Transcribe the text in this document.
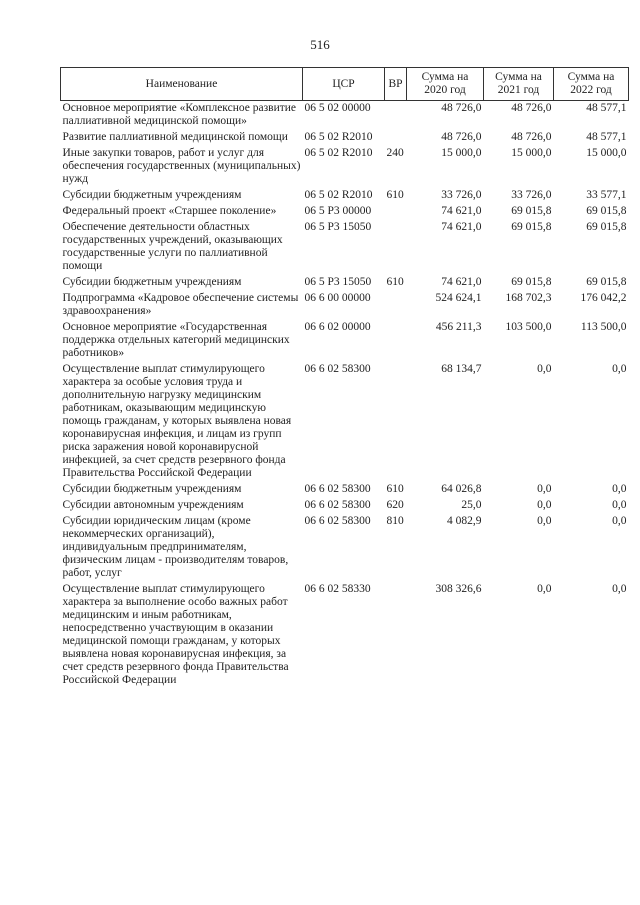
516
Наименование	ЦСР	ВР	Сумма на 2020 год	Сумма на 2021 год	Сумма на 2022 год
Основное мероприятие «Комплексное развитие паллиативной медицинской помощи»	06 5 02 00000		48 726,0	48 726,0	48 577,1
Развитие паллиативной медицинской помощи	06 5 02 R2010		48 726,0	48 726,0	48 577,1
Иные закупки товаров, работ и услуг для обеспечения государственных (муниципальных) нужд	06 5 02 R2010	240	15 000,0	15 000,0	15 000,0
Субсидии бюджетным учреждениям	06 5 02 R2010	610	33 726,0	33 726,0	33 577,1
Федеральный проект «Старшее поколение»	06 5 P3 00000		74 621,0	69 015,8	69 015,8
Обеспечение деятельности областных государственных учреждений, оказывающих государственные услуги по паллиативной помощи	06 5 P3 15050		74 621,0	69 015,8	69 015,8
Субсидии бюджетным учреждениям	06 5 P3 15050	610	74 621,0	69 015,8	69 015,8
Подпрограмма «Кадровое обеспечение системы здравоохранения»	06 6 00 00000		524 624,1	168 702,3	176 042,2
Основное мероприятие «Государственная поддержка отдельных категорий медицинских работников»	06 6 02 00000		456 211,3	103 500,0	113 500,0
Осуществление выплат стимулирующего характера за особые условия труда и дополнительную нагрузку медицинским работникам, оказывающим медицинскую помощь гражданам, у которых выявлена новая коронавирусная инфекция, и лицам из групп риска заражения новой коронавирусной инфекцией, за счет средств резервного фонда Правительства Российской Федерации	06 6 02 58300		68 134,7	0,0	0,0
Субсидии бюджетным учреждениям	06 6 02 58300	610	64 026,8	0,0	0,0
Субсидии автономным учреждениям	06 6 02 58300	620	25,0	0,0	0,0
Субсидии юридическим лицам (кроме некоммерческих организаций), индивидуальным предпринимателям, физическим лицам - производителям товаров, работ, услуг	06 6 02 58300	810	4 082,9	0,0	0,0
Осуществление выплат стимулирующего характера за выполнение особо важных работ медицинским и иным работникам, непосредственно участвующим в оказании медицинской помощи гражданам, у которых выявлена новая коронавирусная инфекция, за счет средств резервного фонда Правительства Российской Федерации	06 6 02 58330		308 326,6	0,0	0,0
